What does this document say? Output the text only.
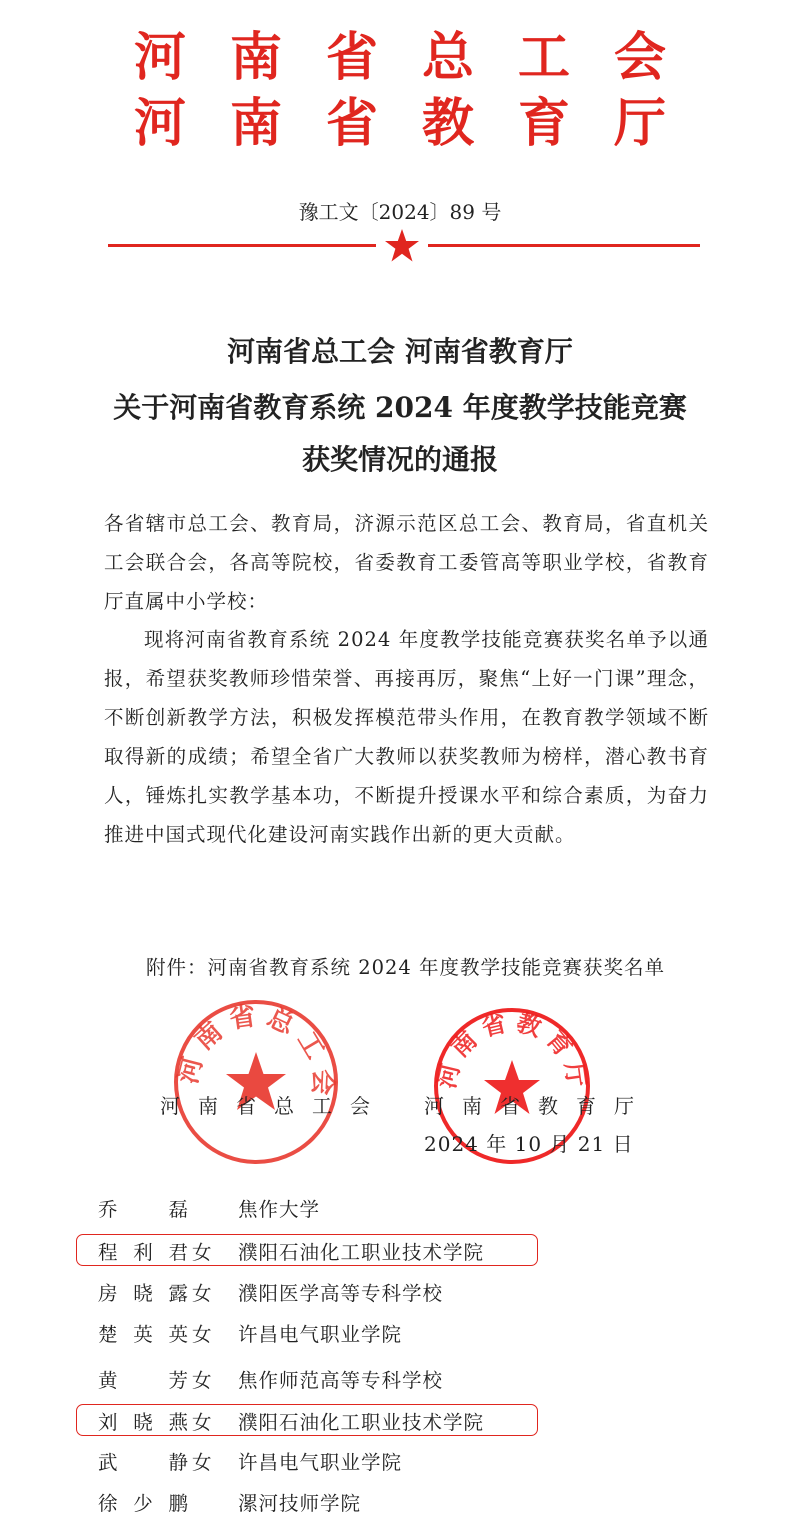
河南省总工会
河南省教育厅
豫工文〔2024〕89 号
河南省总工会 河南省教育厅
关于河南省教育系统 2024 年度教学技能竞赛
获奖情况的通报

各省辖市总工会、教育局，济源示范区总工会、教育局，省直机关工会联合会，各高等院校，省委教育工委管高等职业学校，省教育厅直属中小学校：

现将河南省教育系统 2024 年度教学技能竞赛获奖名单予以通报，希望获奖教师珍惜荣誉、再接再厉，聚焦“上好一门课”理念，不断创新教学方法，积极发挥模范带头作用，在教育教学领域不断取得新的成绩；希望全省广大教师以获奖教师为榜样，潜心教书育人，锤炼扎实教学基本功，不断提升授课水平和综合素质，为奋力推进中国式现代化建设河南实践作出新的更大贡献。

附件：河南省教育系统 2024 年度教学技能竞赛获奖名单

河南省总工会	河南省教育厅
河南省总工会 河南省教育厅
2024 年 10 月 21 日
乔磊	焦作大学
程利君 女 濮阳石油化工职业技术学院
房晓露 女 濮阳医学高等专科学校
楚英英 女 许昌电气职业学院
黄芳 女 焦作师范高等专科学校
刘晓燕 女 濮阳石油化工职业技术学院
武静 女 许昌电气职业学院
徐少鹏	漯河技师学院
